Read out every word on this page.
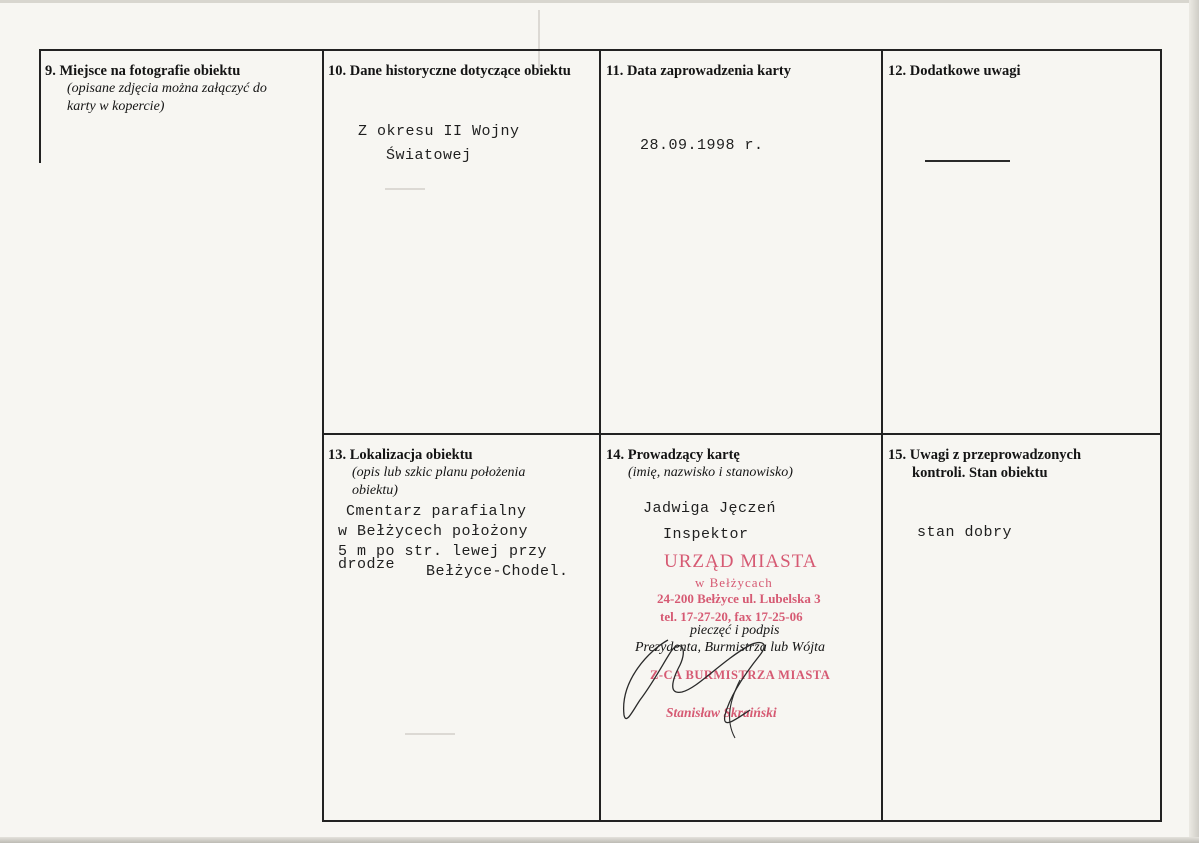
9. Miejsce na fotografie obiektu
(opisane zdjęcia można załączyć do
karty w kopercie)
10. Dane historyczne dotyczące obiektu
Z okresu II Wojny
Światowej
11. Data zaprowadzenia karty
28.09.1998 r.
12. Dodatkowe uwagi
13. Lokalizacja obiektu
(opis lub szkic planu położenia
obiektu)
Cmentarz parafialny
w Bełżycech położony
5 m po str. lewej przy
drodze Bełżyce-Chodel.
14. Prowadzący kartę
(imię, nazwisko i stanowisko)
Jadwiga Jęczeń
Inspektor
URZĄD MIASTA
w Bełżycach
24-200 Bełżyce ul. Lubelska 3
tel. 17-27-20, fax 17-25-06
pieczęć i podpis
Prezydenta, Burmistrza lub Wójta
Z-CA BURMISTRZA MIASTA
Stanisław Skraiński
15. Uwagi z przeprowadzonych
kontroli. Stan obiektu
stan dobry
